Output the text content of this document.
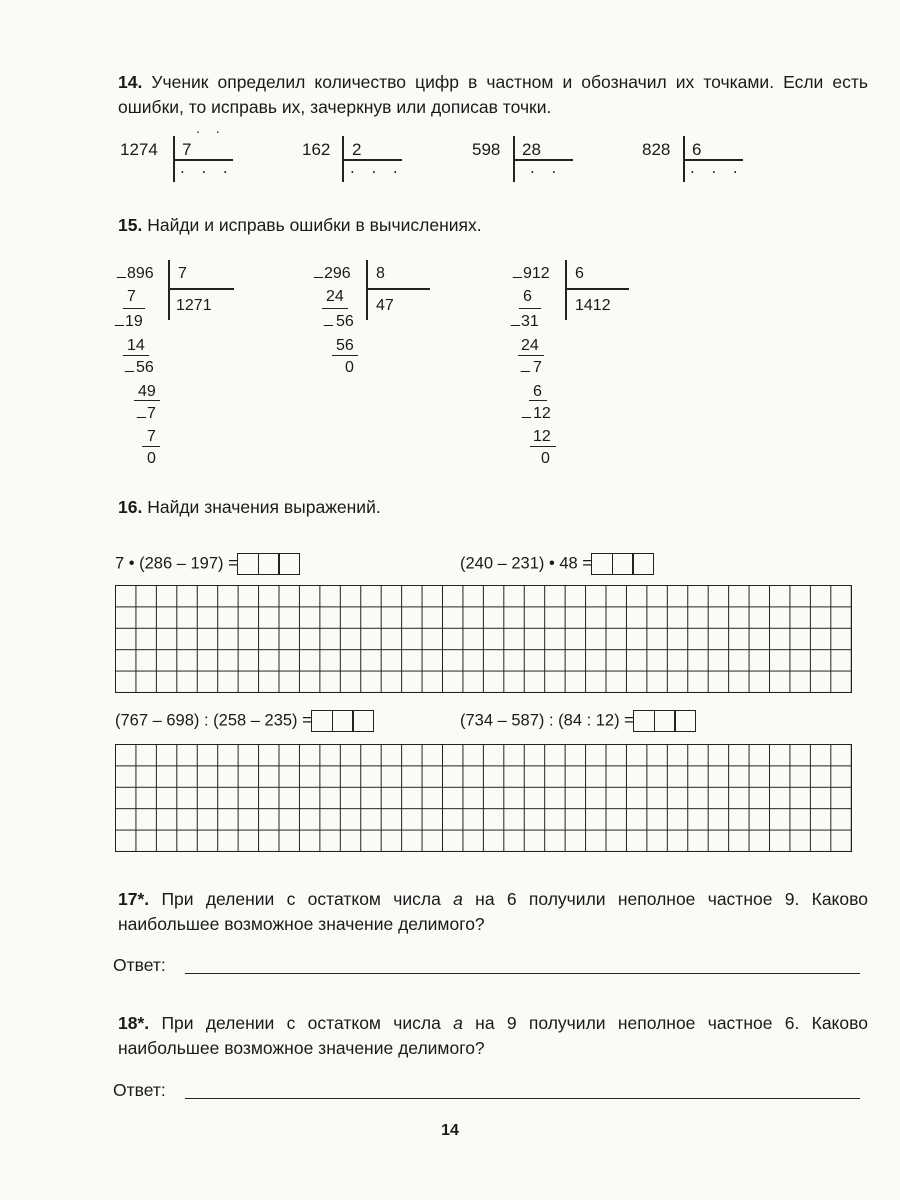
14. Ученик определил количество цифр в частном и обозначил их точками. Если есть ошибки, то исправь их, зачеркнув или дописав точки.
. .
1274 7
. . .
162 2
. . .
598 28
. .
828 6
. . .
15. Найди и исправь ошибки в вычислениях.
_ 896 7
1271
7
_ 19
14
_ 56
49
_ 7
7
0
_ 296 8
47
24
_ 56
56
0
_ 912 6
1412
6
_ 31
24
_ 7
6
_ 12
12
0
16. Найди значения выражений.
7 • (286 – 197) =	(240 – 231) • 48 =
(767 – 698) : (258 – 235) =	(734 – 587) : (84 : 12) =
17*. При делении с остатком числа a на 6 получили неполное частное 9. Каково наибольшее возможное значение делимого?
Ответ:
18*. При делении с остатком числа a на 9 получили неполное частное 6. Каково наибольшее возможное значение делимого?
Ответ:
14
